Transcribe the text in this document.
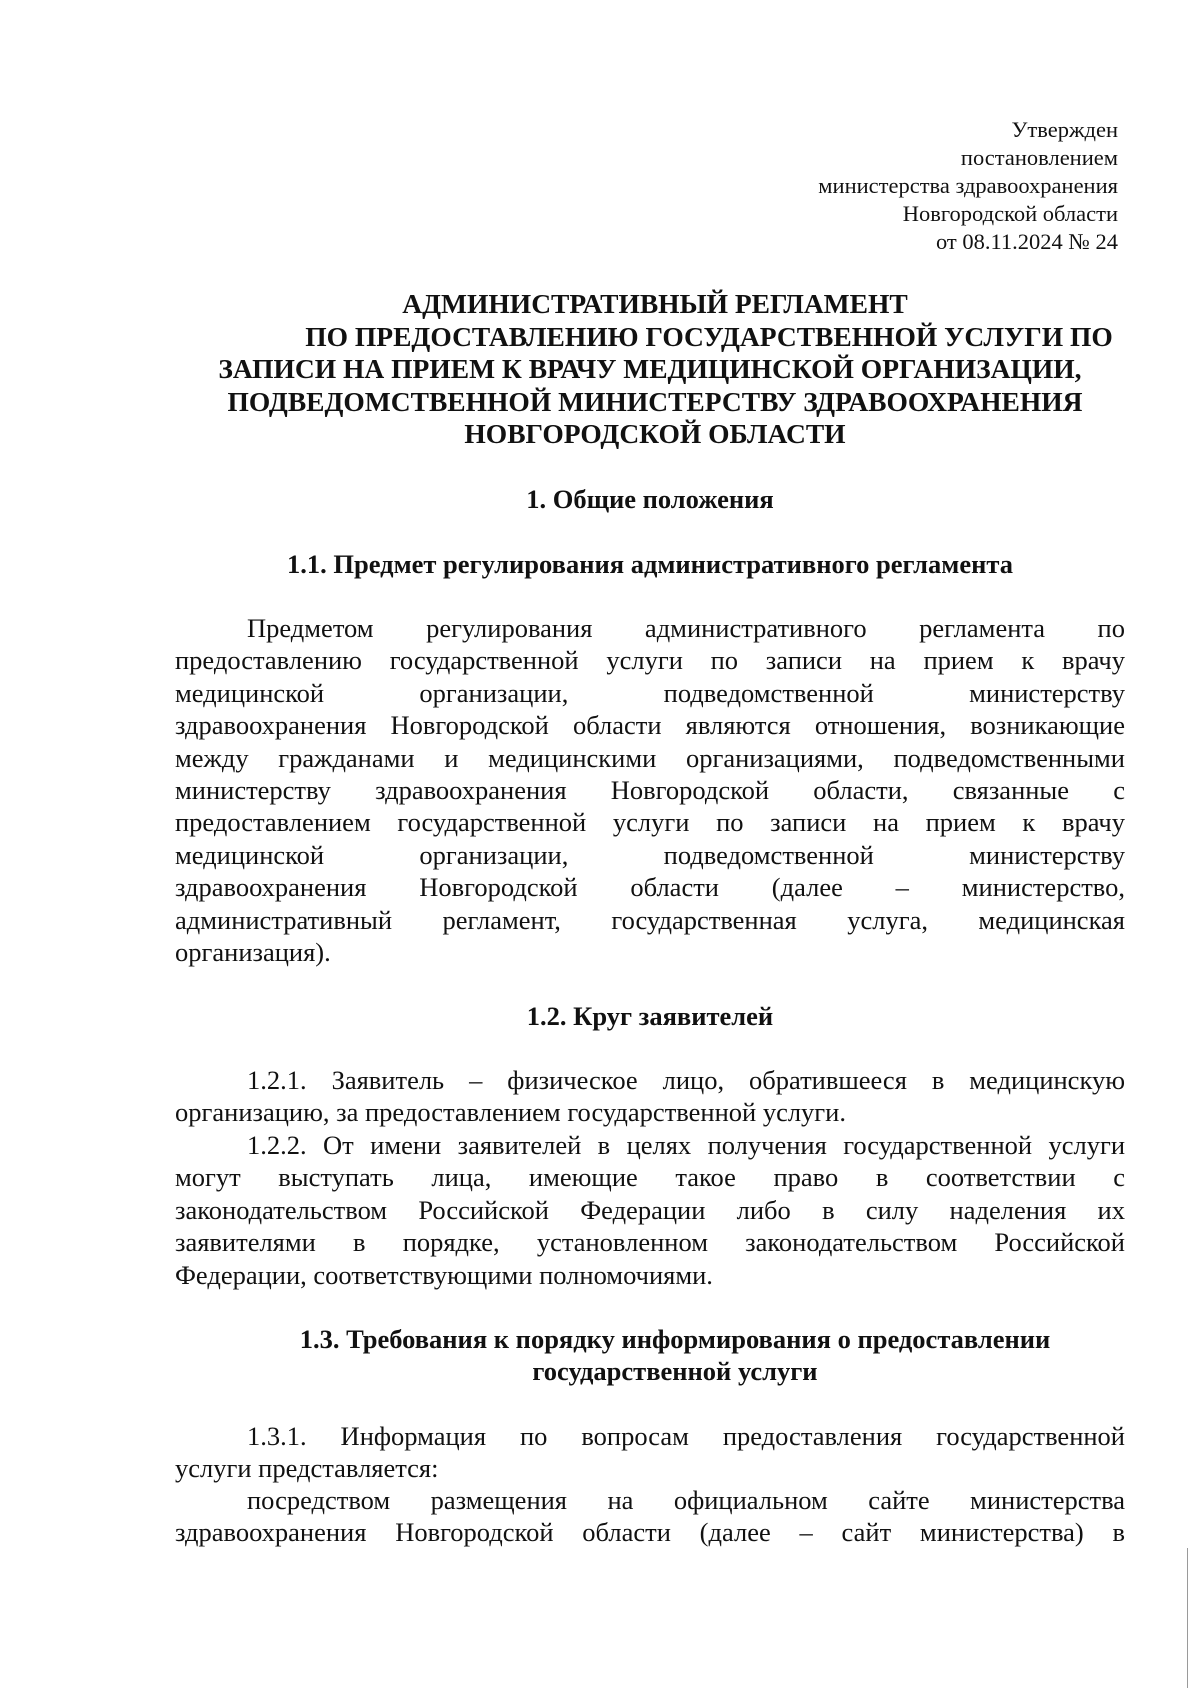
Утвержден
постановлением
министерства здравоохранения
Новгородской области
от 08.11.2024 № 24
АДМИНИСТРАТИВНЫЙ РЕГЛАМЕНТ
ПО ПРЕДОСТАВЛЕНИЮ ГОСУДАРСТВЕННОЙ УСЛУГИ ПО
ЗАПИСИ НА ПРИЕМ К ВРАЧУ МЕДИЦИНСКОЙ ОРГАНИЗАЦИИ,
ПОДВЕДОМСТВЕННОЙ МИНИСТЕРСТВУ ЗДРАВООХРАНЕНИЯ
НОВГОРОДСКОЙ ОБЛАСТИ
1. Общие положения
1.1. Предмет регулирования административного регламента
Предметом регулирования административного регламента по
предоставлению государственной услуги по записи на прием к врачу
медицинской организации, подведомственной министерству
здравоохранения Новгородской области являются отношения, возникающие
между гражданами и медицинскими организациями, подведомственными
министерству здравоохранения Новгородской области, связанные с
предоставлением государственной услуги по записи на прием к врачу
медицинской организации, подведомственной министерству
здравоохранения Новгородской области (далее – министерство,
административный регламент, государственная услуга, медицинская
организация).
1.2. Круг заявителей
1.2.1. Заявитель – физическое лицо, обратившееся в медицинскую
организацию, за предоставлением государственной услуги.
1.2.2. От имени заявителей в целях получения государственной услуги
могут выступать лица, имеющие такое право в соответствии с
законодательством Российской Федерации либо в силу наделения их
заявителями в порядке, установленном законодательством Российской
Федерации, соответствующими полномочиями.
1.3. Требования к порядку информирования о предоставлении
государственной услуги
1.3.1. Информация по вопросам предоставления государственной
услуги представляется:
посредством размещения на официальном сайте министерства
здравоохранения Новгородской области (далее – сайт министерства) в
